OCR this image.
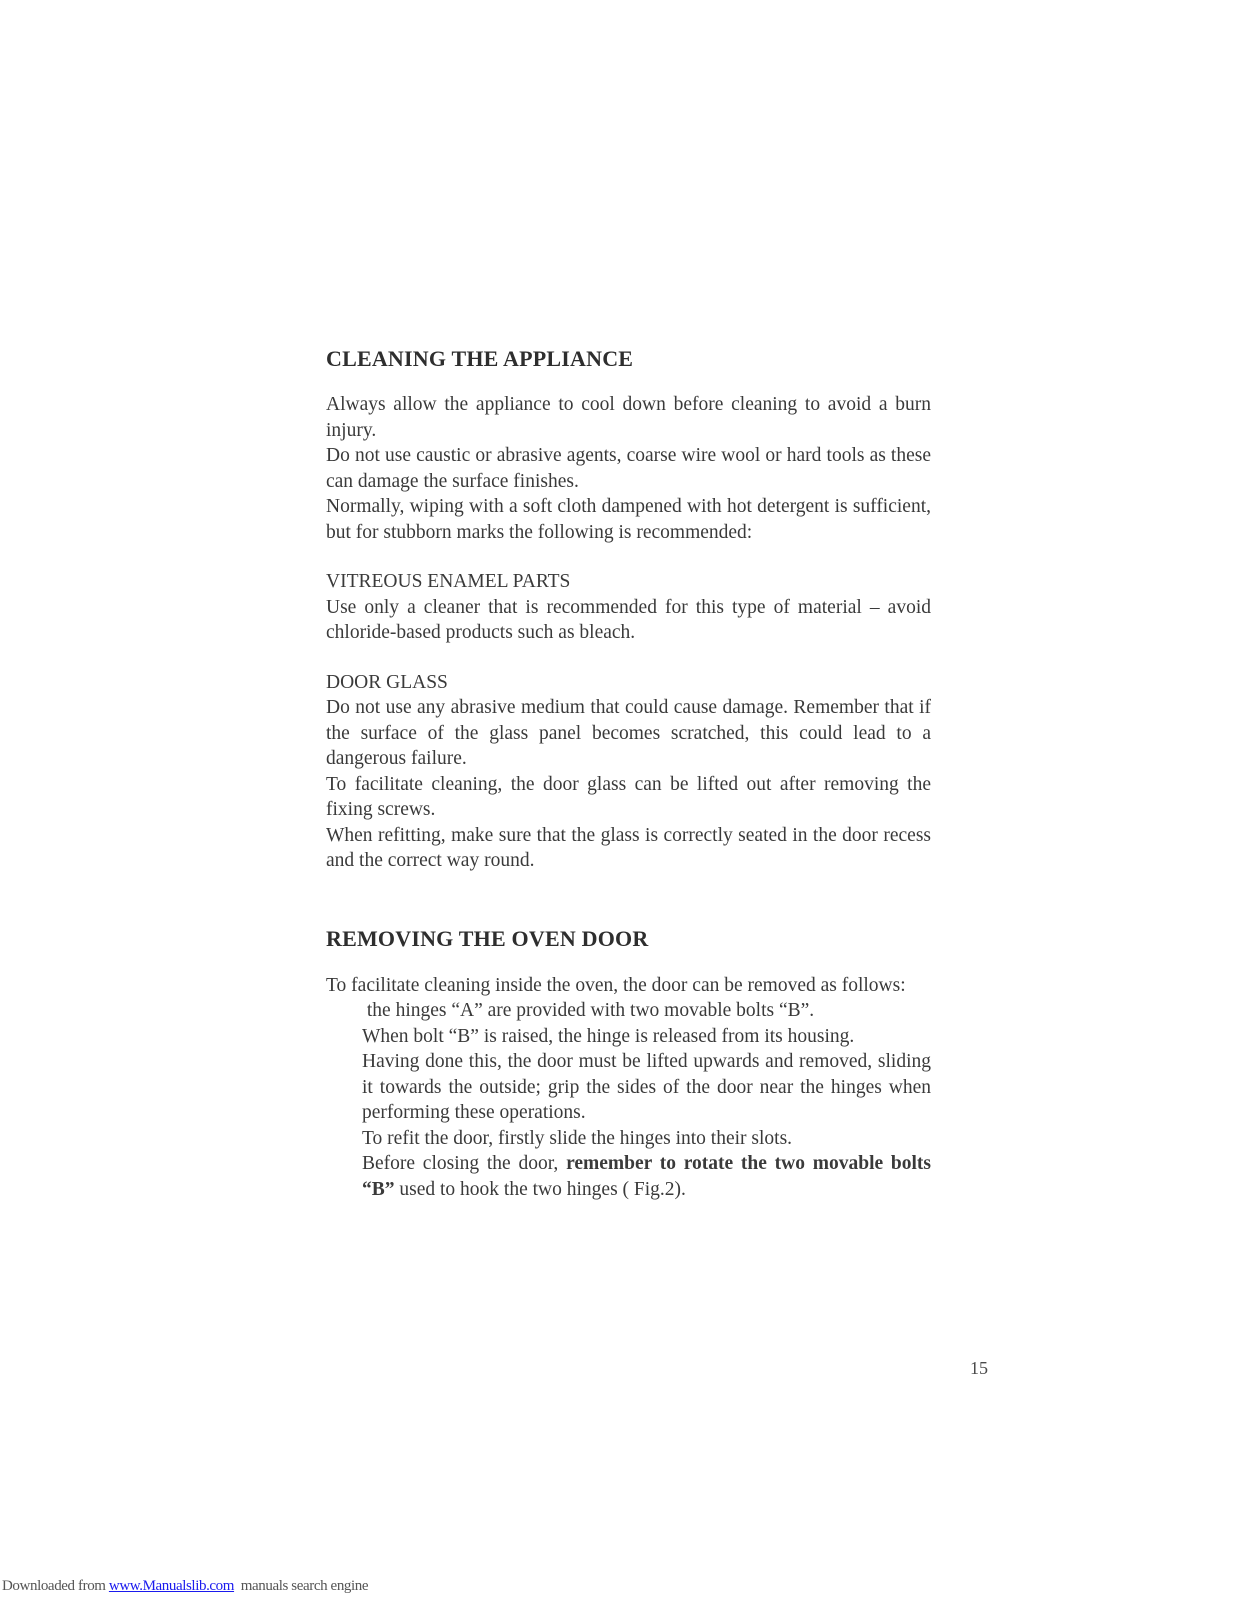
CLEANING THE APPLIANCE

Always allow the appliance to cool down before cleaning to avoid a burn injury.

Do not use caustic or abrasive agents, coarse wire wool or hard tools as these can damage the surface finishes.

Normally, wiping with a soft cloth dampened with hot detergent is sufficient, but for stubborn marks the following is recommended:

VITREOUS ENAMEL PARTS

Use only a cleaner that is recommended for this type of material – avoid chloride-based products such as bleach.

DOOR GLASS

Do not use any abrasive medium that could cause damage. Remember that if the surface of the glass panel becomes scratched, this could lead to a dangerous failure.

To facilitate cleaning, the door glass can be lifted out after removing the fixing screws.

When refitting, make sure that the glass is correctly seated in the door recess and the correct way round.

REMOVING THE OVEN DOOR

To facilitate cleaning inside the oven, the door can be removed as follows:

the hinges “A” are provided with two movable bolts “B”.

When bolt “B” is raised, the hinge is released from its housing.

Having done this, the door must be lifted upwards and removed, sliding it towards the outside; grip the sides of the door near the hinges when performing these operations.

To refit the door, firstly slide the hinges into their slots.

Before closing the door, remember to rotate the two movable bolts “B” used to hook the two hinges ( Fig.2).

15
Downloaded from www.Manualslib.com  manuals search engine
